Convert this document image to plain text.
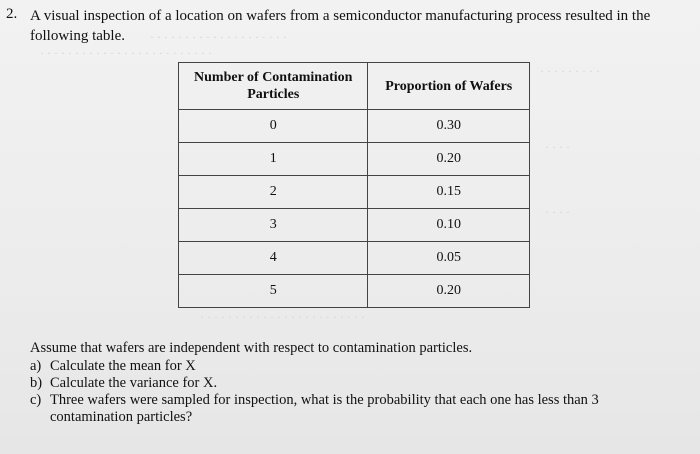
· · · · · · · · · · · · · · · · · · · ·
· · · · · · · · · · · · · · · · · · · · · · · · ·
· · · · · · · · ·
· · · ·
· · · ·
· · · · · · · · · · · · · · · · · · · · · · · ·
2. A visual inspection of a location on wafers from a semiconductor manufacturing process resulted in the following table.
Number of Contamination Particles	Proportion of Wafers
0	0.30
1	0.20
2	0.15
3	0.10
4	0.05
5	0.20
Assume that wafers are independent with respect to contamination particles.
a) Calculate the mean for X
b) Calculate the variance for X.
c) Three wafers were sampled for inspection, what is the probability that each one has less than 3 contamination particles?
